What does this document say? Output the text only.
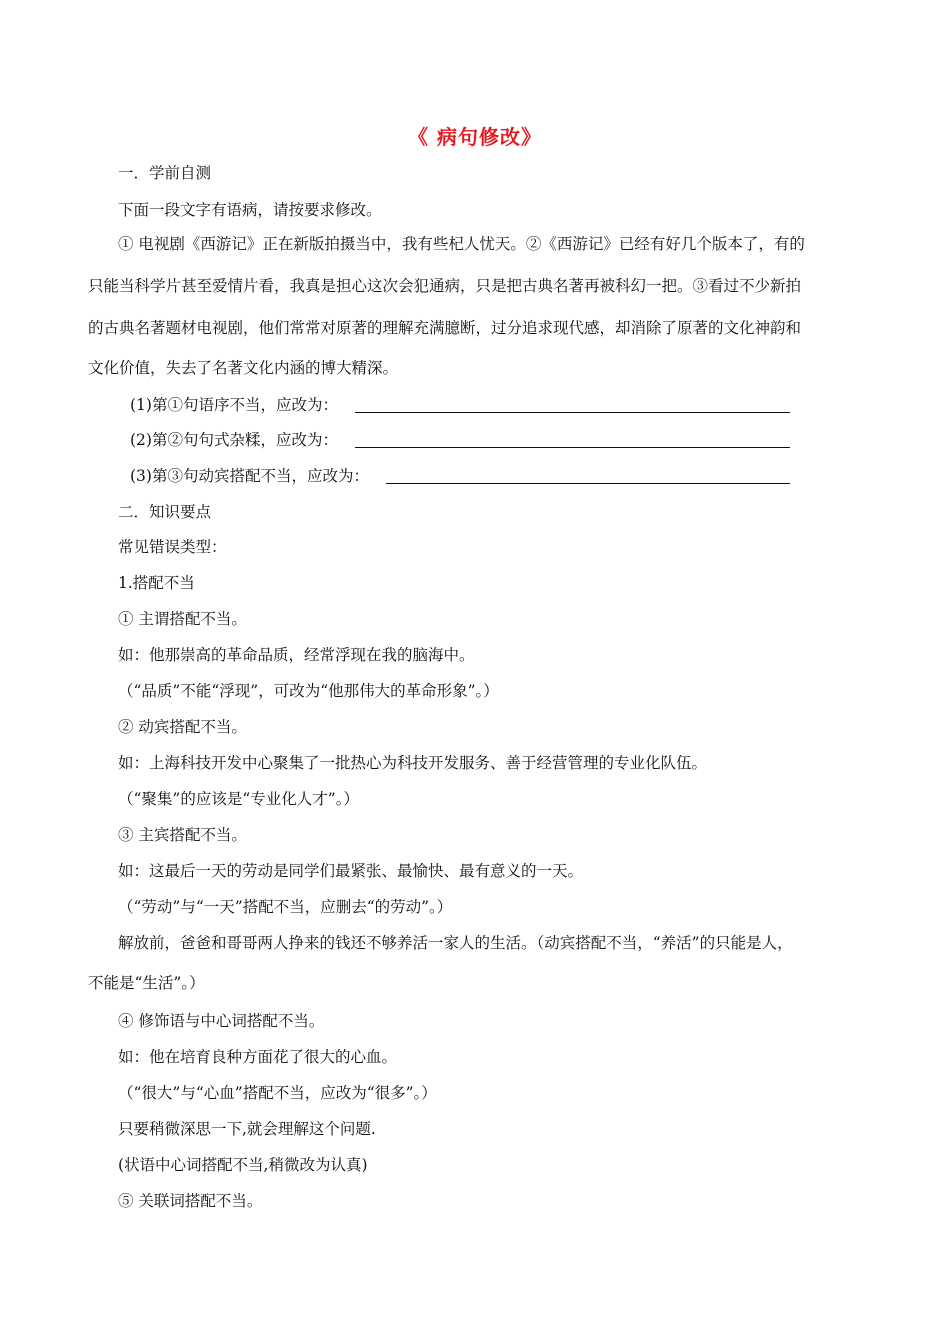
《 病句修改》
一．学前自测
下面一段文字有语病，请按要求修改。
① 电视剧《西游记》正在新版拍摄当中，我有些杞人忧天。②《西游记》已经有好几个版本了，有的
只能当科学片甚至爱情片看，我真是担心这次会犯通病，只是把古典名著再被科幻一把。③看过不少新拍
的古典名著题材电视剧，他们常常对原著的理解充满臆断，过分追求现代感，却消除了原著的文化神韵和
文化价值，失去了名著文化内涵的博大精深。
(1)第①句语序不当，应改为：
(2)第②句句式杂糅，应改为：
(3)第③句动宾搭配不当，应改为：
二．知识要点
常见错误类型：
1.搭配不当
① 主谓搭配不当。
如：他那崇高的革命品质，经常浮现在我的脑海中。
（“品质”不能“浮现”，可改为“他那伟大的革命形象”。）
② 动宾搭配不当。
如：上海科技开发中心聚集了一批热心为科技开发服务、善于经营管理的专业化队伍。
（“聚集”的应该是“专业化人才”。）
③ 主宾搭配不当。
如：这最后一天的劳动是同学们最紧张、最愉快、最有意义的一天。
（“劳动”与“一天”搭配不当，应删去“的劳动”。）
解放前，爸爸和哥哥两人挣来的钱还不够养活一家人的生活。（动宾搭配不当，“养活”的只能是人，
不能是“生活”。）
④ 修饰语与中心词搭配不当。
如：他在培育良种方面花了很大的心血。
（“很大”与“心血”搭配不当，应改为“很多”。）
只要稍微深思一下,就会理解这个问题.
(状语中心词搭配不当,稍微改为认真)
⑤ 关联词搭配不当。
